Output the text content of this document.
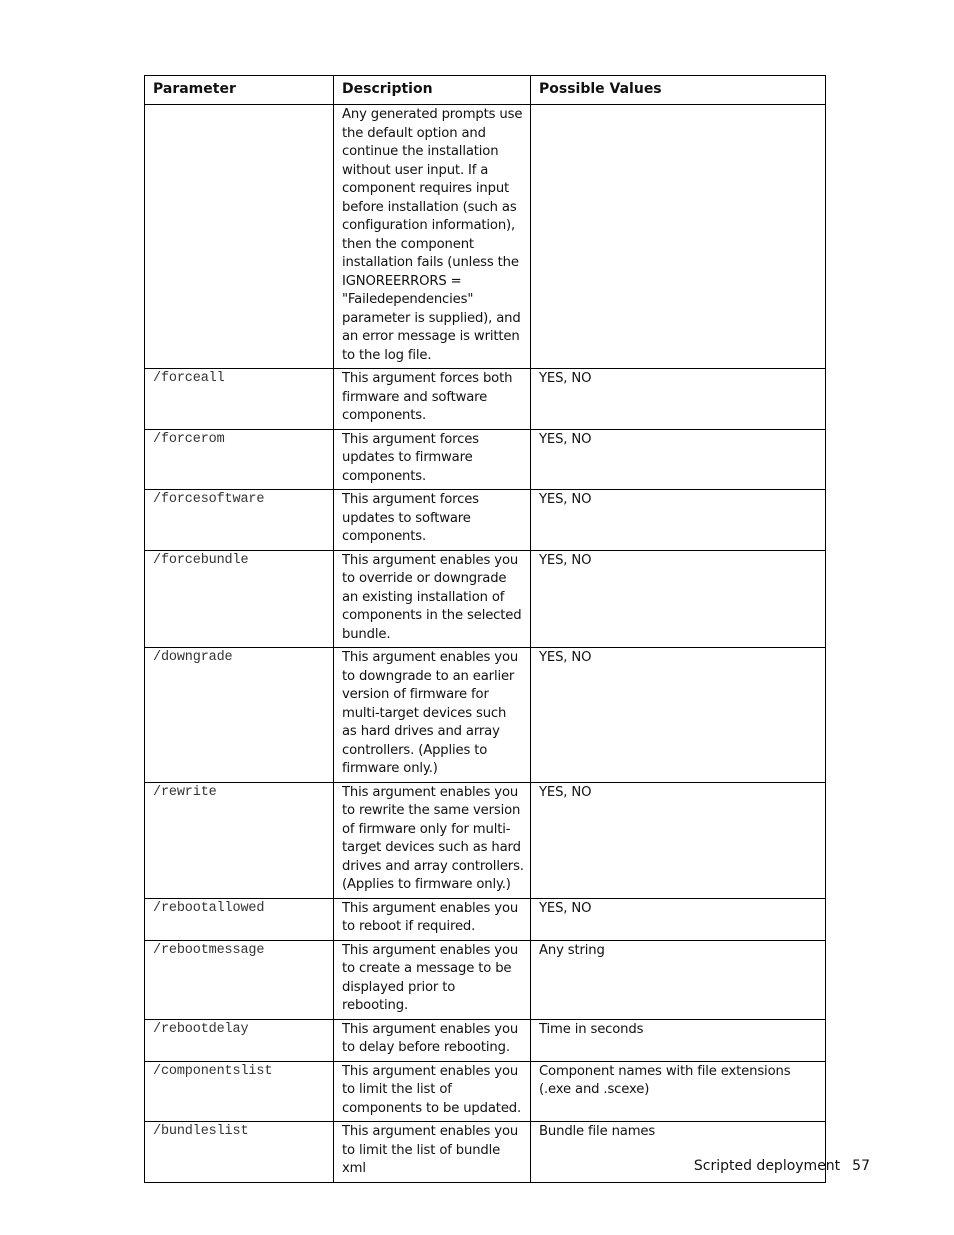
Parameter	Description	Possible Values
	Any generated prompts use the default option and continue the installation without user input. If a component requires input before installation (such as configuration information), then the component installation fails (unless the IGNOREERRORS = "Failedependencies" parameter is supplied), and an error message is written to the log file.	
/forceall	This argument forces both firmware and software components.	YES, NO
/forcerom	This argument forces updates to firmware components.	YES, NO
/forcesoftware	This argument forces updates to software components.	YES, NO
/forcebundle	This argument enables you to override or downgrade an existing installation of components in the selected bundle.	YES, NO
/downgrade	This argument enables you to downgrade to an earlier version of firmware for multi-target devices such as hard drives and array controllers. (Applies to firmware only.)	YES, NO
/rewrite	This argument enables you to rewrite the same version of firmware only for multi-target devices such as hard drives and array controllers. (Applies to firmware only.)	YES, NO
/rebootallowed	This argument enables you to reboot if required.	YES, NO
/rebootmessage	This argument enables you to create a message to be displayed prior to rebooting.	Any string
/rebootdelay	This argument enables you to delay before rebooting.	Time in seconds
/componentslist	This argument enables you to limit the list of components to be updated.	Component names with file extensions (.exe and .scexe)
/bundleslist	This argument enables you to limit the list of bundle xml	Bundle file names
Scripted deployment 57
